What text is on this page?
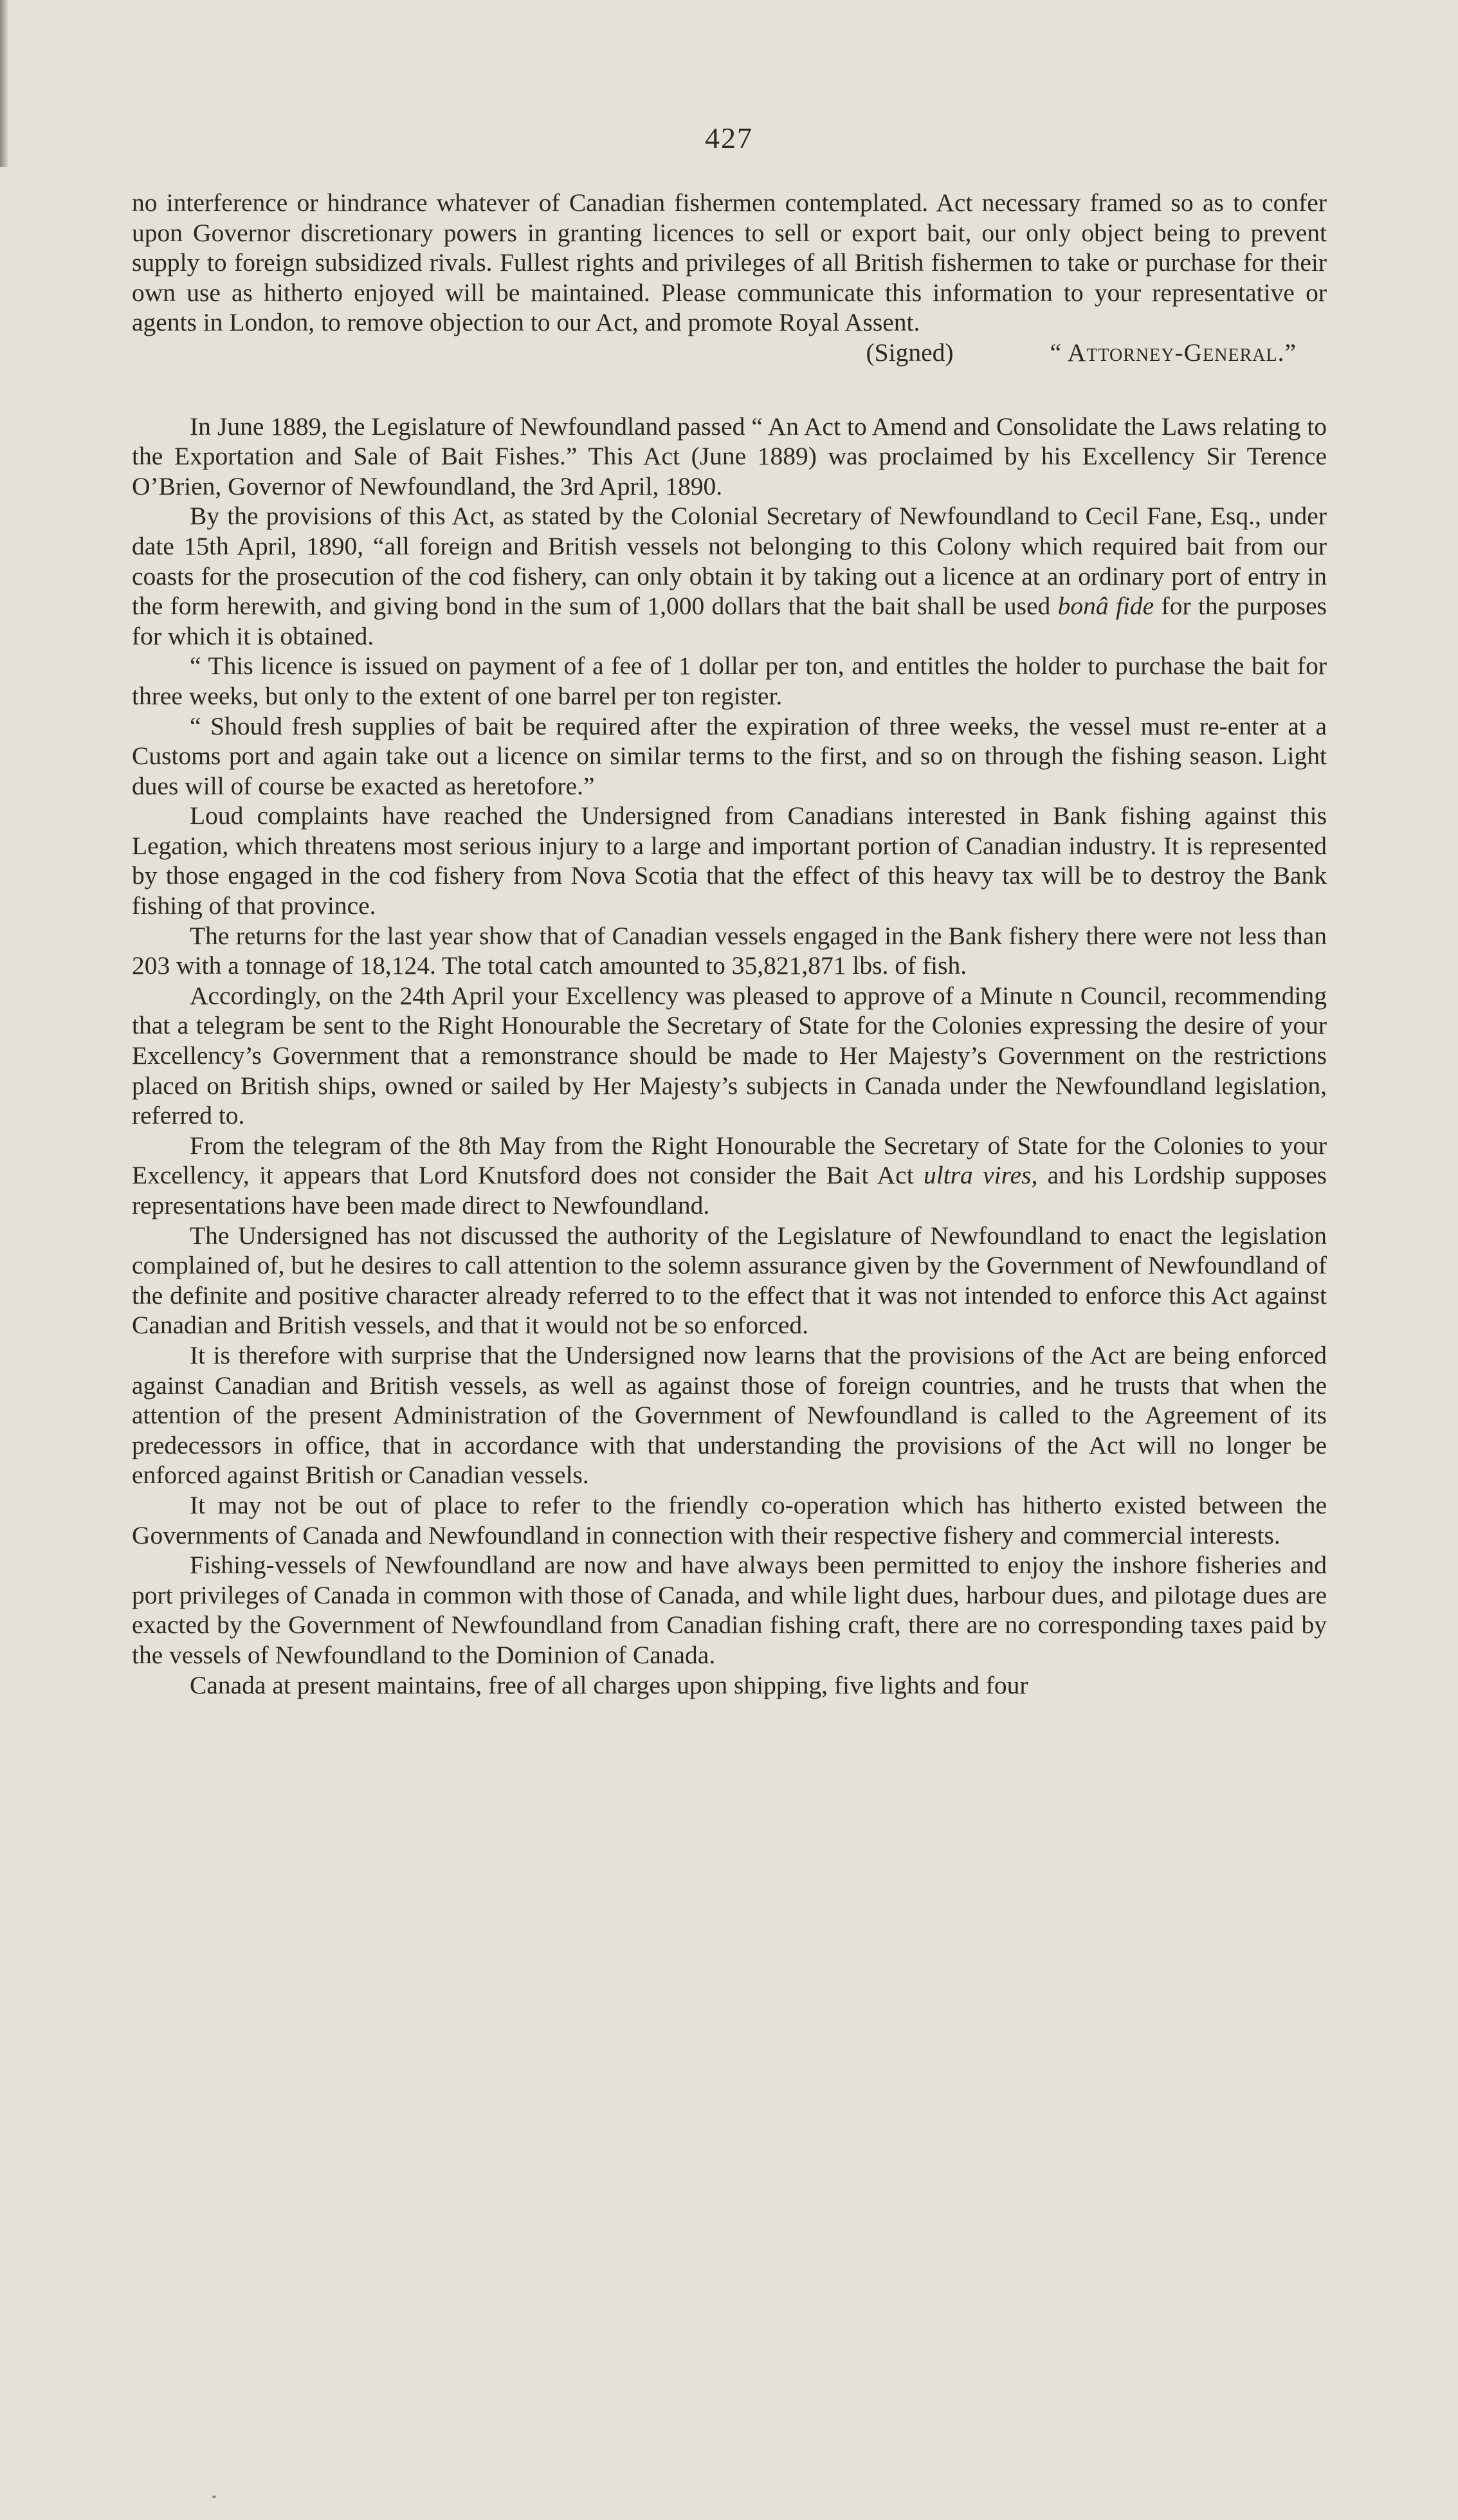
427

no interference or hindrance whatever of Canadian fishermen contemplated. Act necessary framed so as to confer upon Governor discretionary powers in granting licences to sell or export bait, our only object being to prevent supply to foreign subsidized rivals. Fullest rights and privileges of all British fishermen to take or purchase for their own use as hitherto enjoyed will be maintained. Please communicate this information to your representative or agents in London, to remove objection to our Act, and promote Royal Assent.

(Signed)	“ Attorney-General.”

In June 1889, the Legislature of Newfoundland passed “ An Act to Amend and Consolidate the Laws relating to the Exportation and Sale of Bait Fishes.” This Act (June 1889) was proclaimed by his Excellency Sir Terence O’Brien, Governor of Newfoundland, the 3rd April, 1890.

By the provisions of this Act, as stated by the Colonial Secretary of Newfoundland to Cecil Fane, Esq., under date 15th April, 1890, “all foreign and British vessels not belonging to this Colony which required bait from our coasts for the prosecution of the cod fishery, can only obtain it by taking out a licence at an ordinary port of entry in the form herewith, and giving bond in the sum of 1,000 dollars that the bait shall be used bonâ fide for the purposes for which it is obtained.

“ This licence is issued on payment of a fee of 1 dollar per ton, and entitles the holder to purchase the bait for three weeks, but only to the extent of one barrel per ton register.

“ Should fresh supplies of bait be required after the expiration of three weeks, the vessel must re-enter at a Customs port and again take out a licence on similar terms to the first, and so on through the fishing season. Light dues will of course be exacted as heretofore.”

Loud complaints have reached the Undersigned from Canadians interested in Bank fishing against this Legation, which threatens most serious injury to a large and important portion of Canadian industry. It is represented by those engaged in the cod fishery from Nova Scotia that the effect of this heavy tax will be to destroy the Bank fishing of that province.

The returns for the last year show that of Canadian vessels engaged in the Bank fishery there were not less than 203 with a tonnage of 18,124. The total catch amounted to 35,821,871 lbs. of fish.

Accordingly, on the 24th April your Excellency was pleased to approve of a Minute n Council, recommending that a telegram be sent to the Right Honourable the Secretary of State for the Colonies expressing the desire of your Excellency’s Government that a remonstrance should be made to Her Majesty’s Government on the restrictions placed on British ships, owned or sailed by Her Majesty’s subjects in Canada under the Newfoundland legislation, referred to.

From the telegram of the 8th May from the Right Honourable the Secretary of State for the Colonies to your Excellency, it appears that Lord Knutsford does not consider the Bait Act ultra vires, and his Lordship supposes representations have been made direct to Newfoundland.

The Undersigned has not discussed the authority of the Legislature of Newfoundland to enact the legislation complained of, but he desires to call attention to the solemn assurance given by the Government of Newfoundland of the definite and positive character already referred to to the effect that it was not intended to enforce this Act against Canadian and British vessels, and that it would not be so enforced.

It is therefore with surprise that the Undersigned now learns that the provisions of the Act are being enforced against Canadian and British vessels, as well as against those of foreign countries, and he trusts that when the attention of the present Administration of the Government of Newfoundland is called to the Agreement of its predecessors in office, that in accordance with that understanding the provisions of the Act will no longer be enforced against British or Canadian vessels.

It may not be out of place to refer to the friendly co-operation which has hitherto existed between the Governments of Canada and Newfoundland in connection with their respective fishery and commercial interests.

Fishing-vessels of Newfoundland are now and have always been permitted to enjoy the inshore fisheries and port privileges of Canada in common with those of Canada, and while light dues, harbour dues, and pilotage dues are exacted by the Government of Newfoundland from Canadian fishing craft, there are no corresponding taxes paid by the vessels of Newfoundland to the Dominion of Canada.

Canada at present maintains, free of all charges upon shipping, five lights and four
